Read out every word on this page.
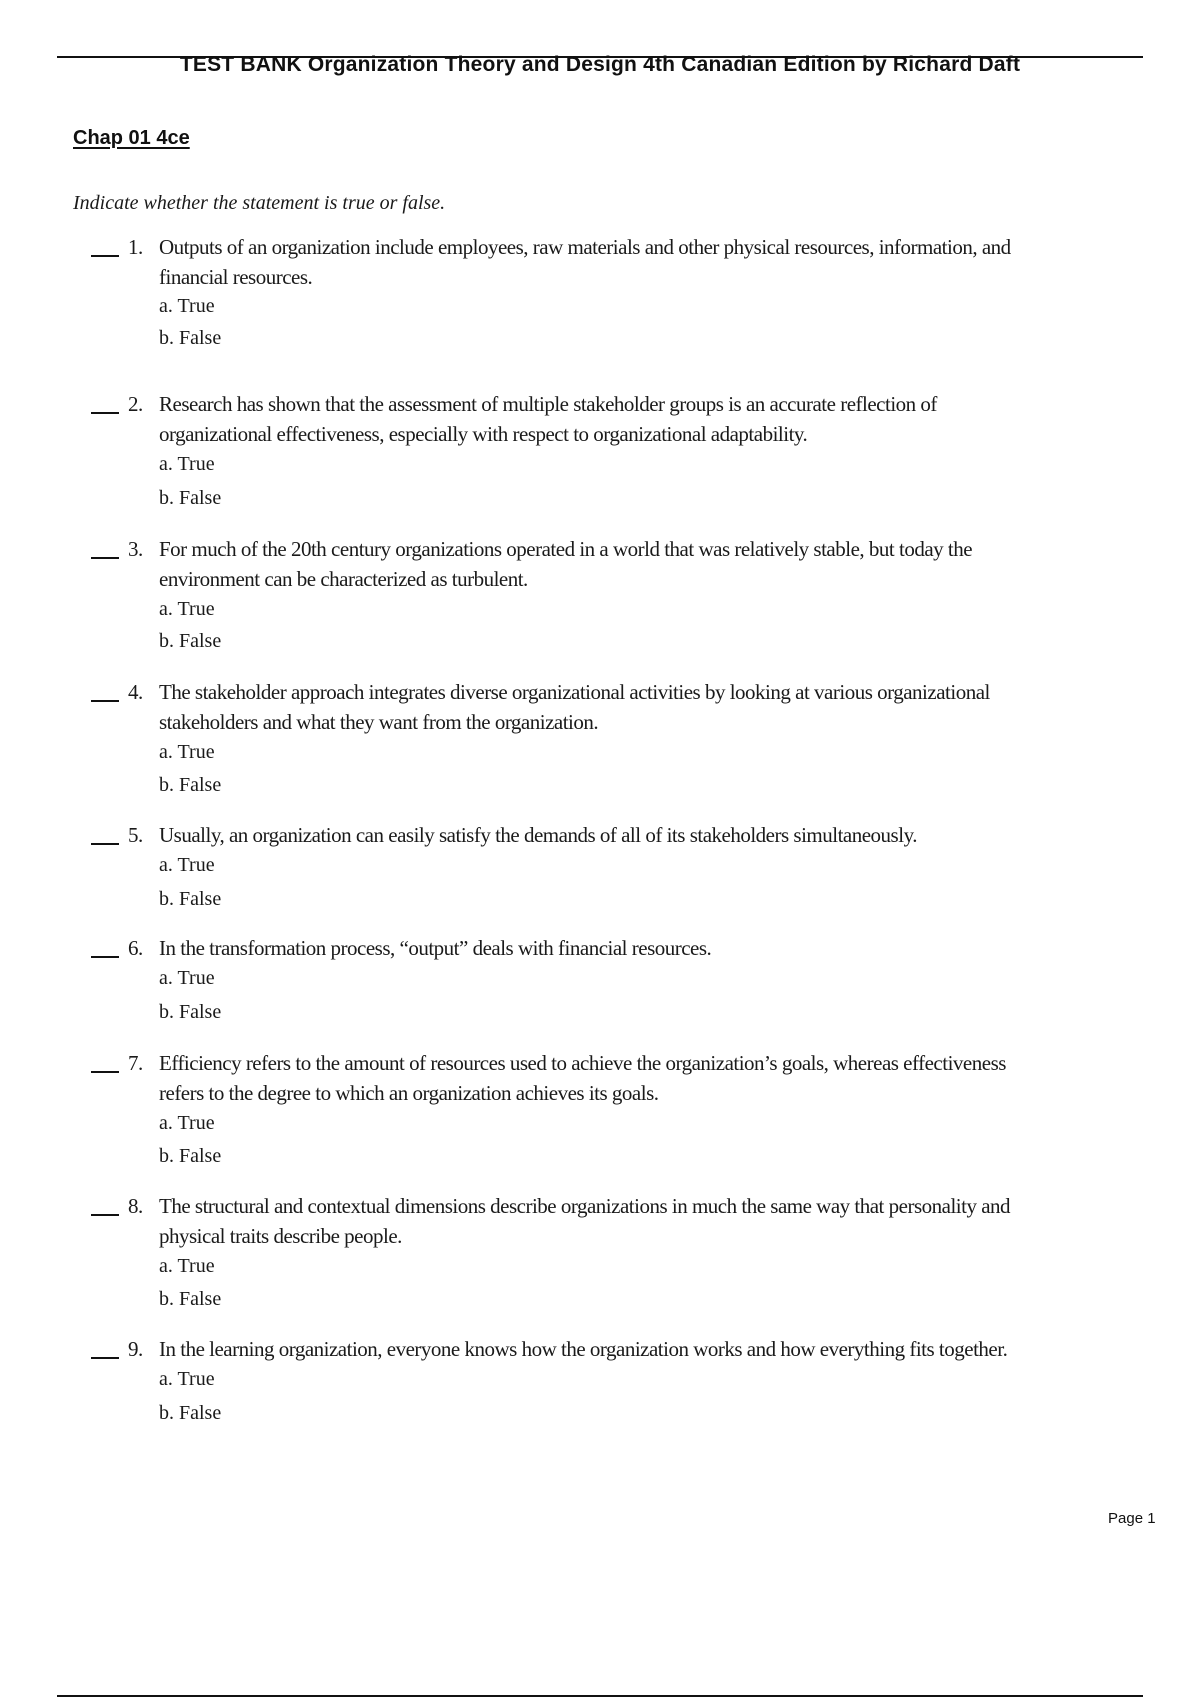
TEST BANK Organization Theory and Design 4th Canadian Edition by Richard Daft
Chap 01 4ce
Indicate whether the statement is true or false.
1. Outputs of an organization include employees, raw materials and other physical resources, information, and
financial resources.
a. True
b. False
2. Research has shown that the assessment of multiple stakeholder groups is an accurate reflection of
organizational effectiveness, especially with respect to organizational adaptability.
a. True
b. False
3. For much of the 20th century organizations operated in a world that was relatively stable, but today the
environment can be characterized as turbulent.
a. True
b. False
4. The stakeholder approach integrates diverse organizational activities by looking at various organizational
stakeholders and what they want from the organization.
a. True
b. False
5. Usually, an organization can easily satisfy the demands of all of its stakeholders simultaneously.
a. True
b. False
6. In the transformation process, “output” deals with financial resources.
a. True
b. False
7. Efficiency refers to the amount of resources used to achieve the organization’s goals, whereas effectiveness
refers to the degree to which an organization achieves its goals.
a. True
b. False
8. The structural and contextual dimensions describe organizations in much the same way that personality and
physical traits describe people.
a. True
b. False
9. In the learning organization, everyone knows how the organization works and how everything fits together.
a. True
b. False
Page 1
